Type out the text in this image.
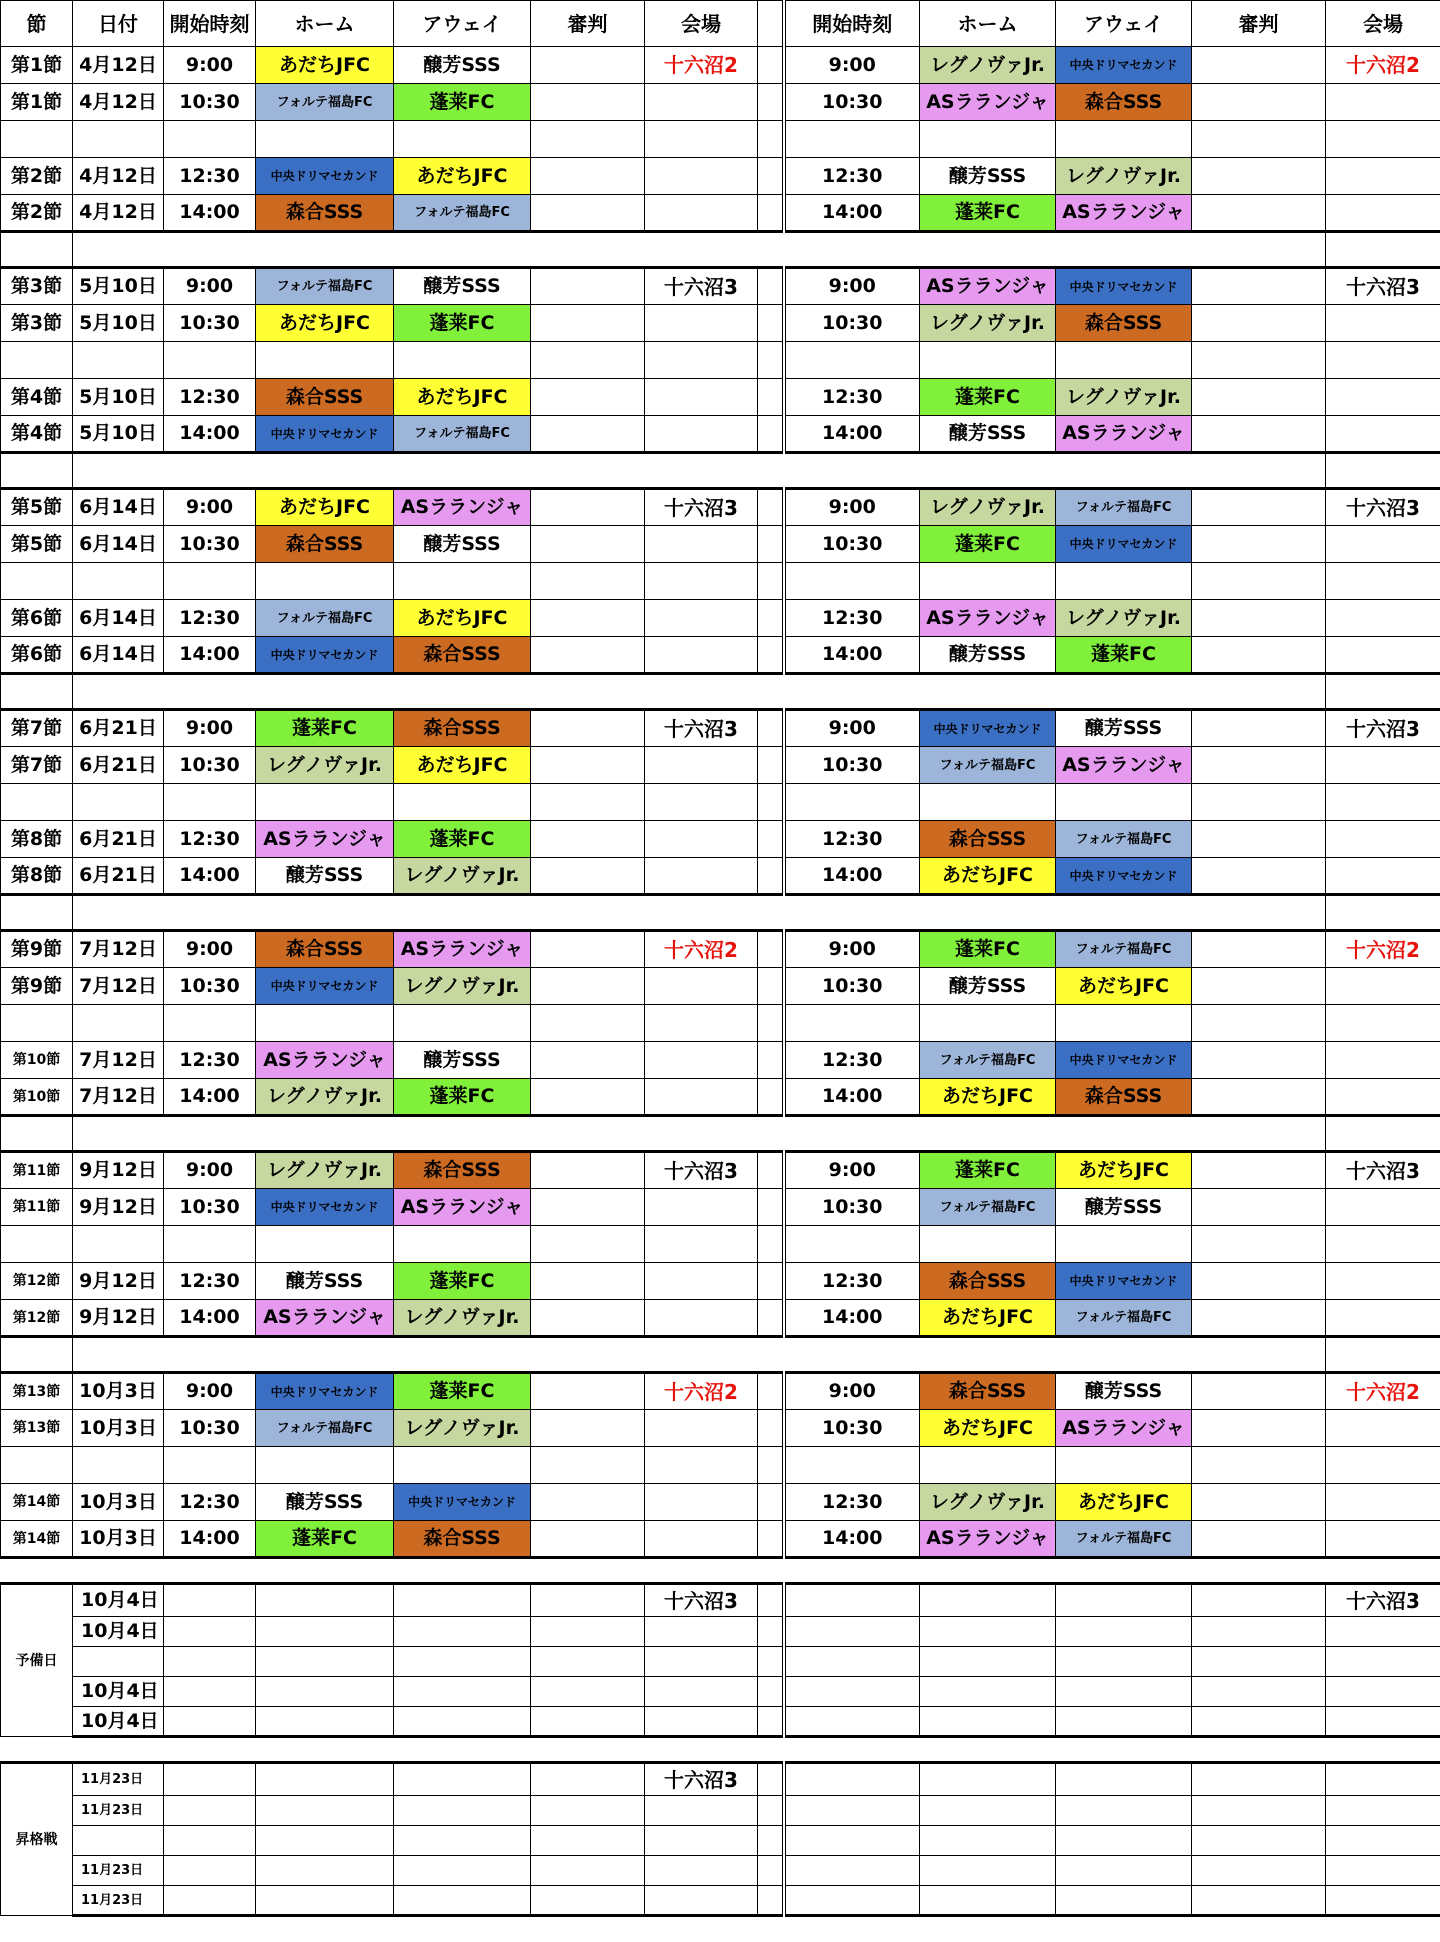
節	日付	開始時刻	ホーム	アウェイ	審判	会場		開始時刻	ホーム	アウェイ	審判	会場
第1節	4月12日	9:00	あだちJFC	醸芳SSS		十六沼2		9:00	レグノヴァJr.	中央ドリマセカンド		十六沼2
第1節	4月12日	10:30	フォルテ福島FC	蓬莱FC				10:30	ASラランジャ	森合SSS		

第2節	4月12日	12:30	中央ドリマセカンド	あだちJFC				12:30	醸芳SSS	レグノヴァJr.		
第2節	4月12日	14:00	森合SSS	フォルテ福島FC				14:00	蓬莱FC	ASラランジャ		

第3節	5月10日	9:00	フォルテ福島FC	醸芳SSS		十六沼3		9:00	ASラランジャ	中央ドリマセカンド		十六沼3
第3節	5月10日	10:30	あだちJFC	蓬莱FC				10:30	レグノヴァJr.	森合SSS		

第4節	5月10日	12:30	森合SSS	あだちJFC				12:30	蓬莱FC	レグノヴァJr.		
第4節	5月10日	14:00	中央ドリマセカンド	フォルテ福島FC				14:00	醸芳SSS	ASラランジャ		

第5節	6月14日	9:00	あだちJFC	ASラランジャ		十六沼3		9:00	レグノヴァJr.	フォルテ福島FC		十六沼3
第5節	6月14日	10:30	森合SSS	醸芳SSS				10:30	蓬莱FC	中央ドリマセカンド		

第6節	6月14日	12:30	フォルテ福島FC	あだちJFC				12:30	ASラランジャ	レグノヴァJr.		
第6節	6月14日	14:00	中央ドリマセカンド	森合SSS				14:00	醸芳SSS	蓬莱FC		

第7節	6月21日	9:00	蓬莱FC	森合SSS		十六沼3		9:00	中央ドリマセカンド	醸芳SSS		十六沼3
第7節	6月21日	10:30	レグノヴァJr.	あだちJFC				10:30	フォルテ福島FC	ASラランジャ		

第8節	6月21日	12:30	ASラランジャ	蓬莱FC				12:30	森合SSS	フォルテ福島FC		
第8節	6月21日	14:00	醸芳SSS	レグノヴァJr.				14:00	あだちJFC	中央ドリマセカンド		

第9節	7月12日	9:00	森合SSS	ASラランジャ		十六沼2		9:00	蓬莱FC	フォルテ福島FC		十六沼2
第9節	7月12日	10:30	中央ドリマセカンド	レグノヴァJr.				10:30	醸芳SSS	あだちJFC		

第10節	7月12日	12:30	ASラランジャ	醸芳SSS				12:30	フォルテ福島FC	中央ドリマセカンド		
第10節	7月12日	14:00	レグノヴァJr.	蓬莱FC				14:00	あだちJFC	森合SSS		

第11節	9月12日	9:00	レグノヴァJr.	森合SSS		十六沼3		9:00	蓬莱FC	あだちJFC		十六沼3
第11節	9月12日	10:30	中央ドリマセカンド	ASラランジャ				10:30	フォルテ福島FC	醸芳SSS		

第12節	9月12日	12:30	醸芳SSS	蓬莱FC				12:30	森合SSS	中央ドリマセカンド		
第12節	9月12日	14:00	ASラランジャ	レグノヴァJr.				14:00	あだちJFC	フォルテ福島FC		

第13節	10月3日	9:00	中央ドリマセカンド	蓬莱FC		十六沼2		9:00	森合SSS	醸芳SSS		十六沼2
第13節	10月3日	10:30	フォルテ福島FC	レグノヴァJr.				10:30	あだちJFC	ASラランジャ		

第14節	10月3日	12:30	醸芳SSS	中央ドリマセカンド				12:30	レグノヴァJr.	あだちJFC		
第14節	10月3日	14:00	蓬莱FC	森合SSS				14:00	ASラランジャ	フォルテ福島FC		

予備日	10月4日					十六沼3						十六沼3
	10月4日											

	10月4日											
	10月4日											

昇格戦	11月23日					十六沼3						
	11月23日											

	11月23日											
	11月23日											
